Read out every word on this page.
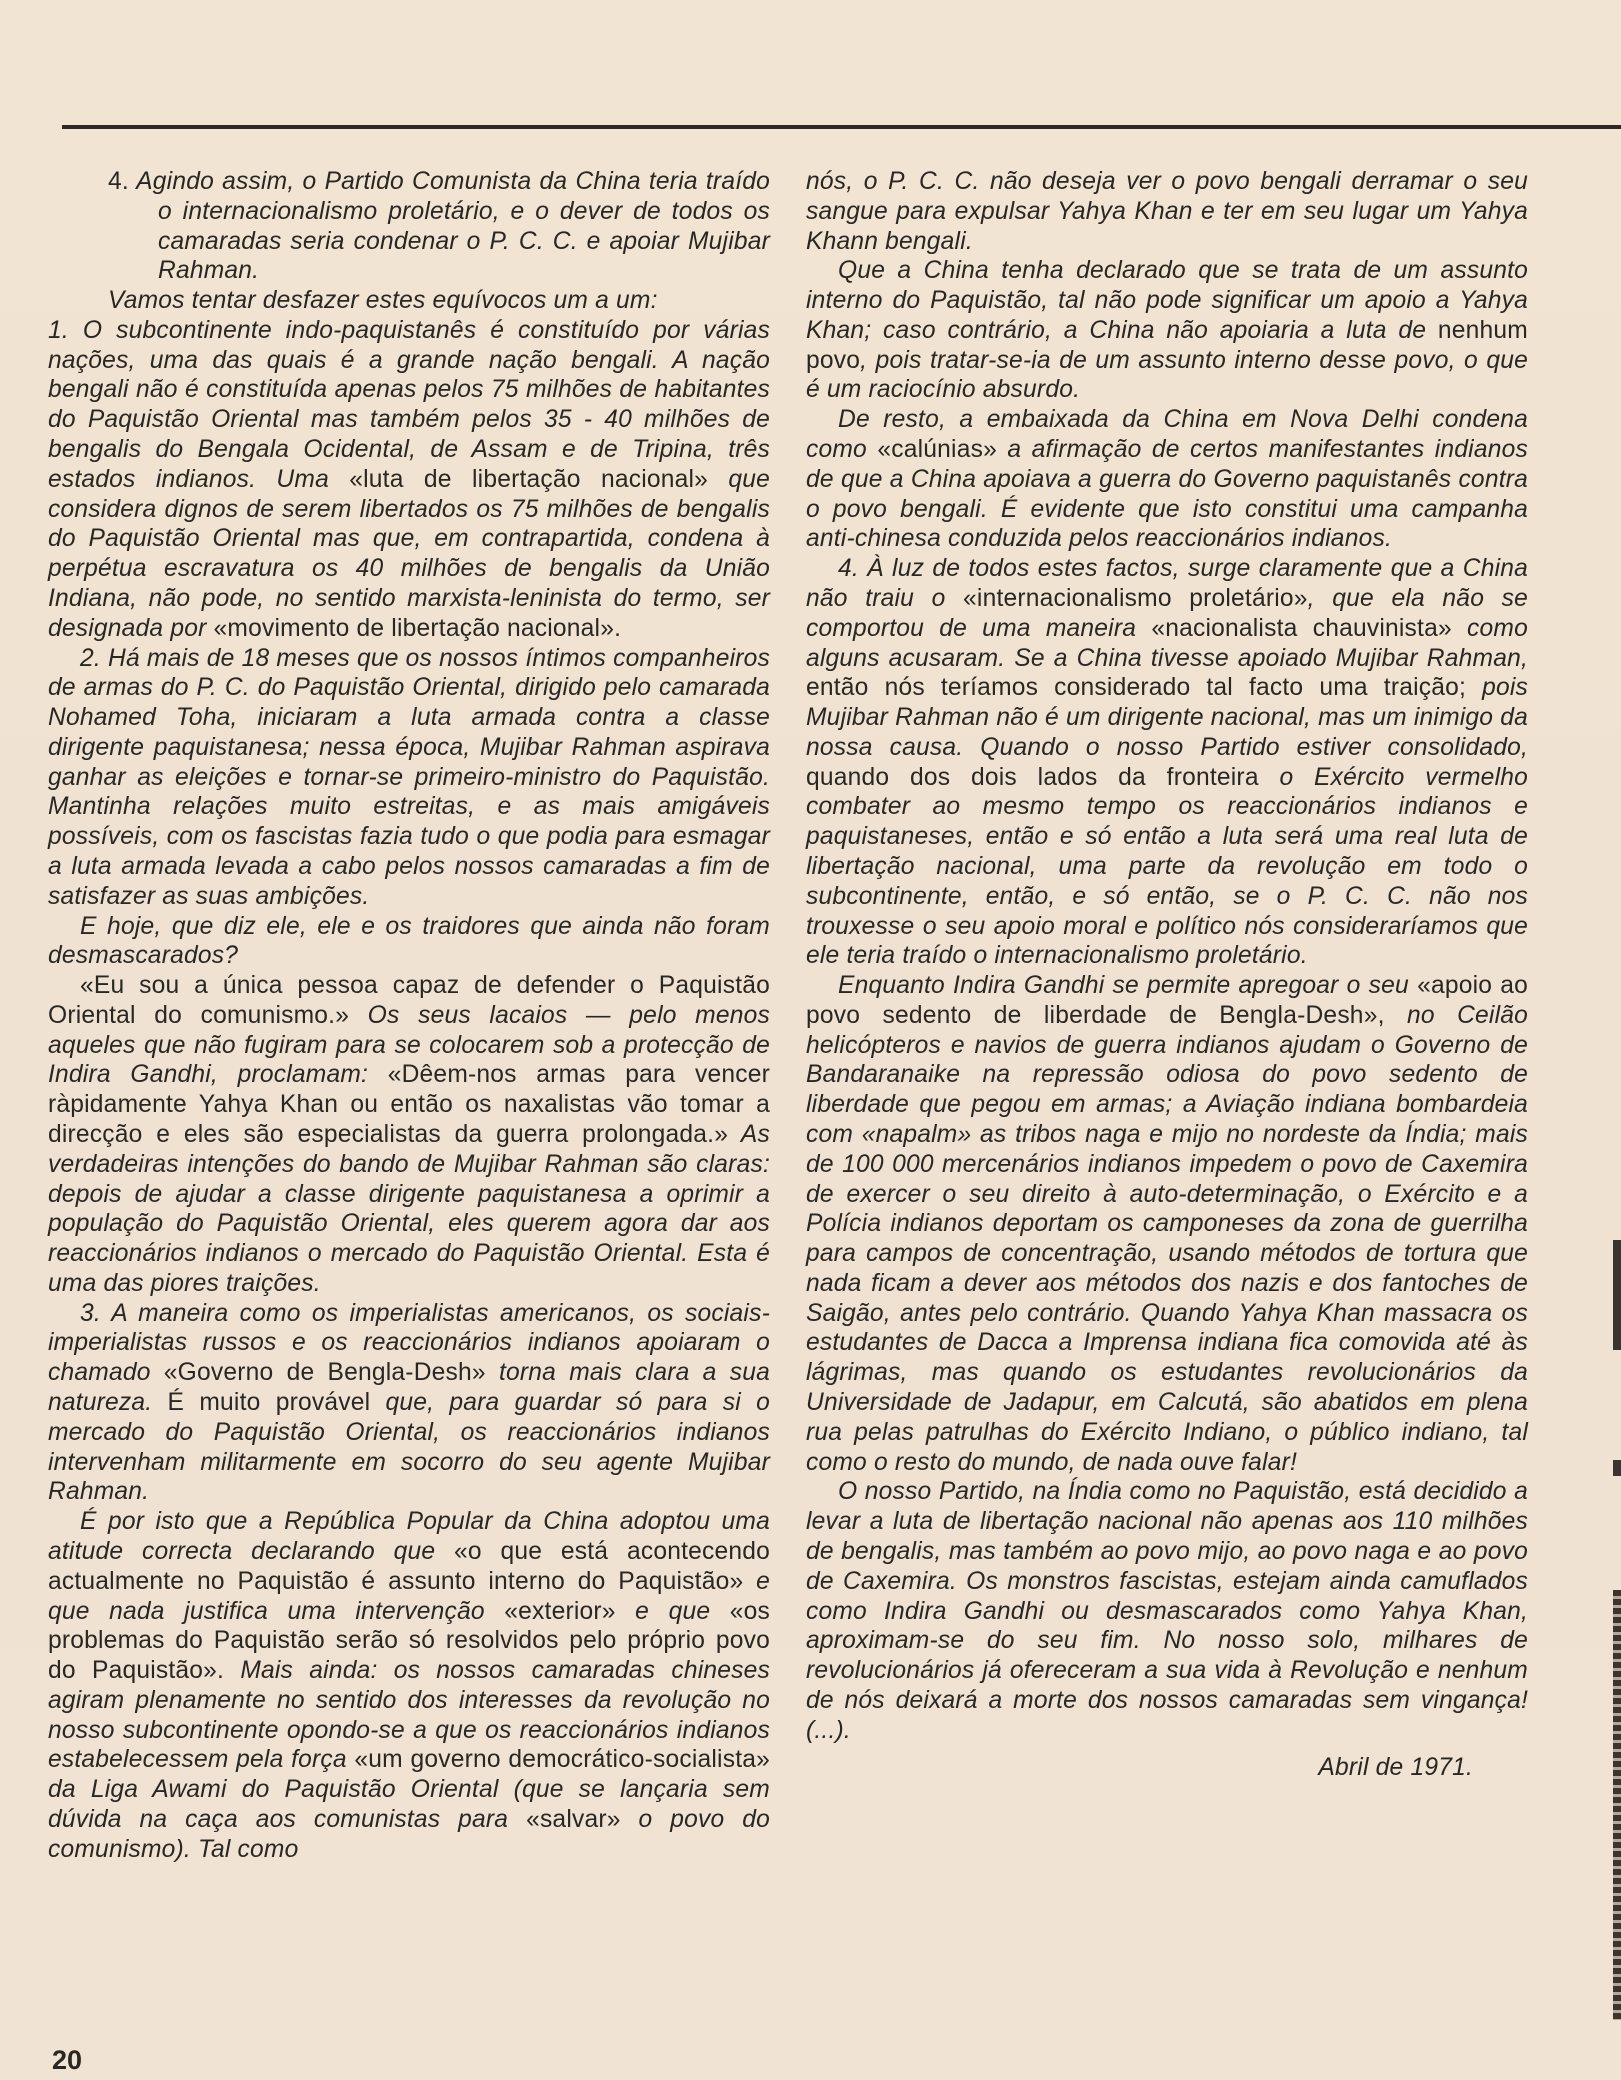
4. Agindo assim, o Partido Comunista da China teria traído o internacionalismo proletário, e o dever de todos os camaradas seria condenar o P. C. C. e apoiar Mujibar Rahman.

Vamos tentar desfazer estes equívocos um a um:

1. O subcontinente indo-paquistanês é constituído por várias nações, uma das quais é a grande nação bengali. A nação bengali não é constituída apenas pelos 75 milhões de habitantes do Paquistão Oriental mas também pelos 35 - 40 milhões de bengalis do Bengala Ocidental, de Assam e de Tripina, três estados indianos. Uma «luta de libertação nacional» que considera dignos de serem libertados os 75 milhões de bengalis do Paquistão Oriental mas que, em contrapartida, condena à perpétua escravatura os 40 milhões de bengalis da União Indiana, não pode, no sentido marxista-leninista do termo, ser designada por «movimento de libertação nacional».

2. Há mais de 18 meses que os nossos íntimos companheiros de armas do P. C. do Paquistão Oriental, dirigido pelo camarada Nohamed Toha, iniciaram a luta armada contra a classe dirigente paquistanesa; nessa época, Mujibar Rahman aspirava ganhar as eleições e tornar-se primeiro-ministro do Paquistão. Mantinha relações muito estreitas, e as mais amigáveis possíveis, com os fascistas fazia tudo o que podia para esmagar a luta armada levada a cabo pelos nossos camaradas a fim de satisfazer as suas ambições.

E hoje, que diz ele, ele e os traidores que ainda não foram desmascarados?

«Eu sou a única pessoa capaz de defender o Paquistão Oriental do comunismo.» Os seus lacaios — pelo menos aqueles que não fugiram para se colocarem sob a protecção de Indira Gandhi, proclamam: «Dêem-nos armas para vencer ràpidamente Yahya Khan ou então os naxalistas vão tomar a direcção e eles são especialistas da guerra prolongada.» As verdadeiras intenções do bando de Mujibar Rahman são claras: depois de ajudar a classe dirigente paquistanesa a oprimir a população do Paquistão Oriental, eles querem agora dar aos reaccionários indianos o mercado do Paquistão Oriental. Esta é uma das piores traições.

3. A maneira como os imperialistas americanos, os sociais-imperialistas russos e os reaccionários indianos apoiaram o chamado «Governo de Bengla-Desh» torna mais clara a sua natureza. É muito provável que, para guardar só para si o mercado do Paquistão Oriental, os reaccionários indianos intervenham militarmente em socorro do seu agente Mujibar Rahman.

É por isto que a República Popular da China adoptou uma atitude correcta declarando que «o que está acontecendo actualmente no Paquistão é assunto interno do Paquistão» e que nada justifica uma intervenção «exterior» e que «os problemas do Paquistão serão só resolvidos pelo próprio povo do Paquistão». Mais ainda: os nossos camaradas chineses agiram plenamente no sentido dos interesses da revolução no nosso subcontinente opondo-se a que os reaccionários indianos estabelecessem pela força «um governo democrático-socialista» da Liga Awami do Paquistão Oriental (que se lançaria sem dúvida na caça aos comunistas para «salvar» o povo do comunismo). Tal como

nós, o P. C. C. não deseja ver o povo bengali derramar o seu sangue para expulsar Yahya Khan e ter em seu lugar um Yahya Khann bengali.

Que a China tenha declarado que se trata de um assunto interno do Paquistão, tal não pode significar um apoio a Yahya Khan; caso contrário, a China não apoiaria a luta de nenhum povo, pois tratar-se-ia de um assunto interno desse povo, o que é um raciocínio absurdo.

De resto, a embaixada da China em Nova Delhi condena como «calúnias» a afirmação de certos manifestantes indianos de que a China apoiava a guerra do Governo paquistanês contra o povo bengali. É evidente que isto constitui uma campanha anti-chinesa conduzida pelos reaccionários indianos.

4. À luz de todos estes factos, surge claramente que a China não traiu o «internacionalismo proletário», que ela não se comportou de uma maneira «nacionalista chauvinista» como alguns acusaram. Se a China tivesse apoiado Mujibar Rahman, então nós teríamos considerado tal facto uma traição; pois Mujibar Rahman não é um dirigente nacional, mas um inimigo da nossa causa. Quando o nosso Partido estiver consolidado, quando dos dois lados da fronteira o Exército vermelho combater ao mesmo tempo os reaccionários indianos e paquistaneses, então e só então a luta será uma real luta de libertação nacional, uma parte da revolução em todo o subcontinente, então, e só então, se o P. C. C. não nos trouxesse o seu apoio moral e político nós consideraríamos que ele teria traído o internacionalismo proletário.

Enquanto Indira Gandhi se permite apregoar o seu «apoio ao povo sedento de liberdade de Bengla-Desh», no Ceilão helicópteros e navios de guerra indianos ajudam o Governo de Bandaranaike na repressão odiosa do povo sedento de liberdade que pegou em armas; a Aviação indiana bombardeia com «napalm» as tribos naga e mijo no nordeste da Índia; mais de 100 000 mercenários indianos impedem o povo de Caxemira de exercer o seu direito à auto-determinação, o Exército e a Polícia indianos deportam os camponeses da zona de guerrilha para campos de concentração, usando métodos de tortura que nada ficam a dever aos métodos dos nazis e dos fantoches de Saigão, antes pelo contrário. Quando Yahya Khan massacra os estudantes de Dacca a Imprensa indiana fica comovida até às lágrimas, mas quando os estudantes revolucionários da Universidade de Jadapur, em Calcutá, são abatidos em plena rua pelas patrulhas do Exército Indiano, o público indiano, tal como o resto do mundo, de nada ouve falar!

O nosso Partido, na Índia como no Paquistão, está decidido a levar a luta de libertação nacional não apenas aos 110 milhões de bengalis, mas também ao povo mijo, ao povo naga e ao povo de Caxemira. Os monstros fascistas, estejam ainda camuflados como Indira Gandhi ou desmascarados como Yahya Khan, aproximam-se do seu fim. No nosso solo, milhares de revolucionários já ofereceram a sua vida à Revolução e nenhum de nós deixará a morte dos nossos camaradas sem vingança! (...).

Abril de 1971.

20
